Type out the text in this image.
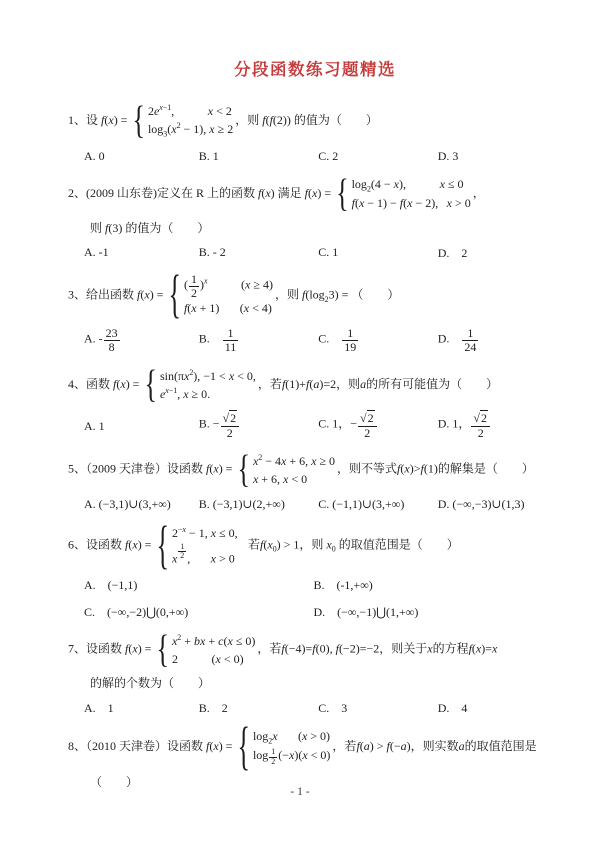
分段函数练习题精选
1、设 f(x) = { $2e^{x-1}$,	x < 2
$\log_3(x^2 - 1)$, x ≥ 2
，则 f(f(2)) 的值为（　　）
A. 0	B. 1	C. 2	D. 3
2、(2009 山东卷)定义在 R 上的函数 f(x) 满足 f(x) = { $\log_2(4 - x)$,	x ≤ 0
f(x − 1) − f(x − 2), x > 0
，
则 f(3) 的值为（　　）
A. -1	B. - 2	C. 1	D.　2
3、给出函数 f(x) = { ( $\frac{1}{2} )^x$	(x ≥ 4)
f(x + 1) (x < 4)
，则 $f(\log_23)$ = （　　）
A. - $\frac{23}{8}$	B.　 $\frac{1}{11}$	C.　 $\frac{1}{19}$	D.　 $\frac{1}{24}$
4、函数 f(x) = { $\sin(\pi x^2)$, −1 < x < 0,
$e^{x-1}$, x ≥ 0.
，若f(1)+f(a)=2，则a的所有可能值为（　　）
A. 1	B. − $\frac{√2}{2}$	C. 1，− $\frac{√2}{2}$	D. 1， $\frac{√2}{2}$
5、（2009 天津卷）设函数 f(x) = { $x^2 - 4x + 6$, x ≥ 0
x + 6, x < 0
，则不等式f(x)>f(1)的解集是（　　）
A. (−3,1)∪(3,+∞)	B. (−3,1)∪(2,+∞)	C. (−1,1)∪(3,+∞)	D. (−∞,−3)∪(1,3)
6、设函数 f(x) = { $2^{-x} - 1$, x ≤ 0,
x $^{\frac{1}{2}}$ , x > 0
若$f(x_0) > 1$，则 $x_0$ 的取值范围是（　　）
A.　(−1,1)	B.　(-1,+∞)
C.　(−∞,−2)⋃(0,+∞)	D.　(−∞,−1)⋃(1,+∞)
7、设函数 f(x) = { $x^2$ + bx + c(x ≤ 0)
2	(x < 0)
，若f(−4)=f(0), f(−2)=−2，则关于x的方程f(x)=x
的解的个数为（　　）
A.　1	B.　2	C.　3	D.　4
8、（2010 天津卷）设函数 f(x) = { $\log_2x$ (x > 0)
log $_{\frac{1}{2}}$ (−x)(x < 0)
，若f(a) > f(−a)，则实数a的取值范围是
（　　）
- 1 -
